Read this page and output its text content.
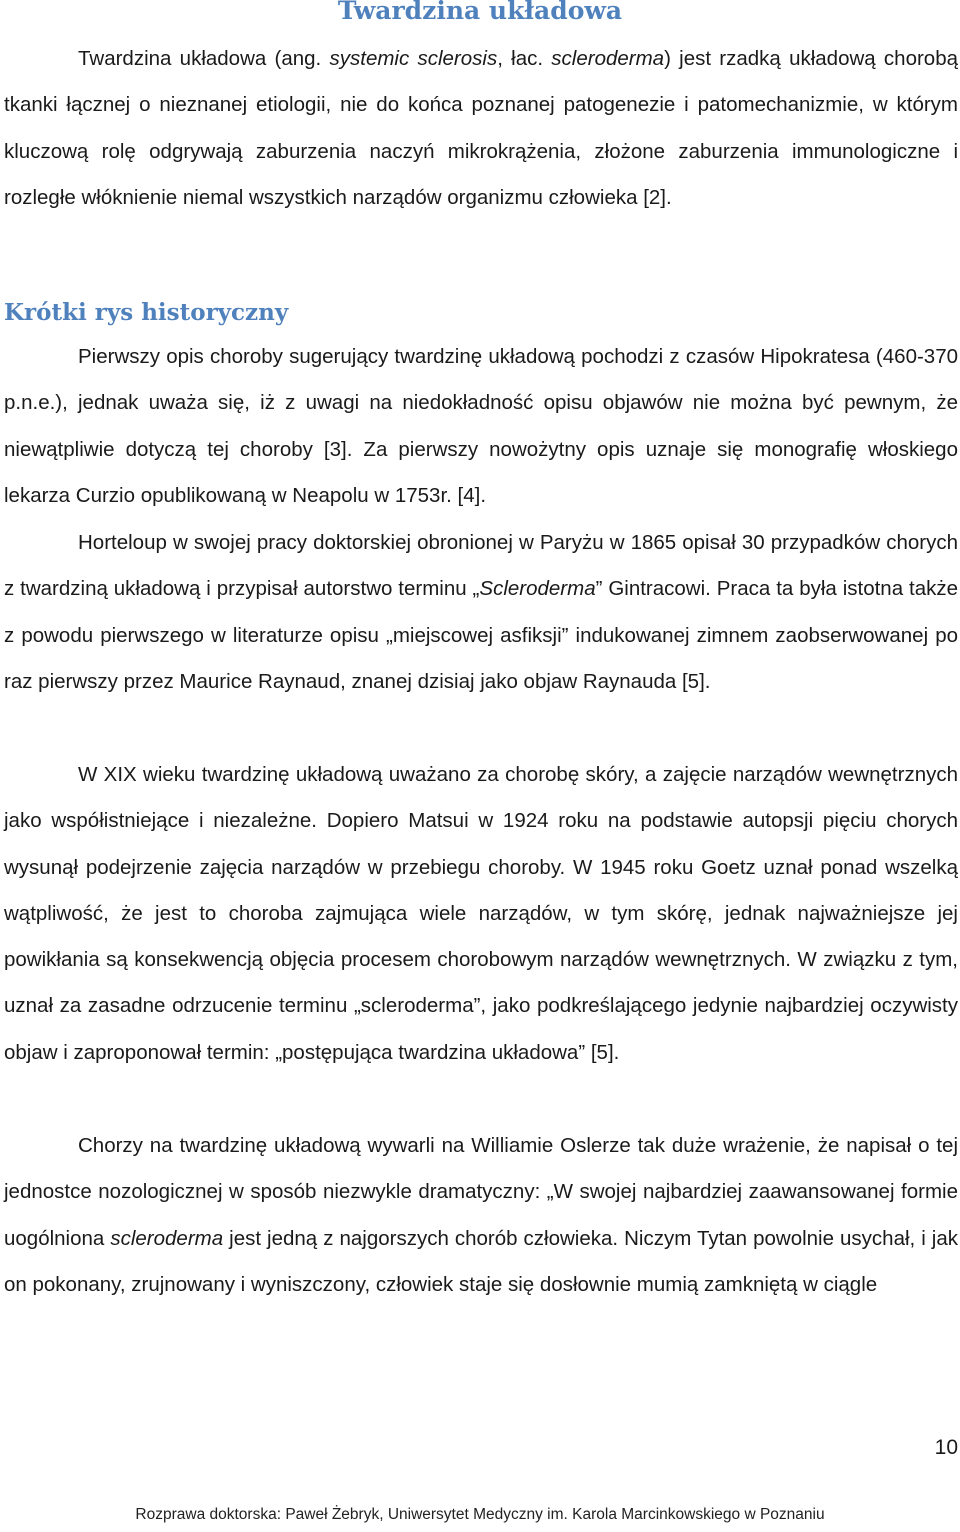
Twardzina układowa

Twardzina układowa (ang. systemic sclerosis, łac. scleroderma) jest rzadką układową chorobą tkanki łącznej o nieznanej etiologii, nie do końca poznanej patogenezie i patomechanizmie, w którym kluczową rolę odgrywają zaburzenia naczyń mikrokrążenia, złożone zaburzenia immunologiczne i rozległe włóknienie niemal wszystkich narządów organizmu człowieka [2].

Krótki rys historyczny

Pierwszy opis choroby sugerujący twardzinę układową pochodzi z czasów Hipokratesa (460-370 p.n.e.), jednak uważa się, iż z uwagi na niedokładność opisu objawów nie można być pewnym, że niewątpliwie dotyczą tej choroby [3]. Za pierwszy nowożytny opis uznaje się monografię włoskiego lekarza Curzio opublikowaną w Neapolu w 1753r. [4].

Horteloup w swojej pracy doktorskiej obronionej w Paryżu w 1865 opisał 30 przypadków chorych z twardziną układową i przypisał autorstwo terminu „Scleroderma” Gintracowi. Praca ta była istotna także z powodu pierwszego w literaturze opisu „miejscowej asfiksji” indukowanej zimnem zaobserwowanej po raz pierwszy przez Maurice Raynaud, znanej dzisiaj jako objaw Raynauda [5].

W XIX wieku twardzinę układową uważano za chorobę skóry, a zajęcie narządów wewnętrznych jako współistniejące i niezależne. Dopiero Matsui w 1924 roku na podstawie autopsji pięciu chorych wysunął podejrzenie zajęcia narządów w przebiegu choroby. W 1945 roku Goetz uznał ponad wszelką wątpliwość, że jest to choroba zajmująca wiele narządów, w tym skórę, jednak najważniejsze jej powikłania są konsekwencją objęcia procesem chorobowym narządów wewnętrznych. W związku z tym, uznał za zasadne odrzucenie terminu „scleroderma”, jako podkreślającego jedynie najbardziej oczywisty objaw i zaproponował termin: „postępująca twardzina układowa” [5].

Chorzy na twardzinę układową wywarli na Williamie Oslerze tak duże wrażenie, że napisał o tej jednostce nozologicznej w sposób niezwykle dramatyczny: „W swojej najbardziej zaawansowanej formie uogólniona scleroderma jest jedną z najgorszych chorób człowieka. Niczym Tytan powolnie usychał, i jak on pokonany, zrujnowany i wyniszczony, człowiek staje się dosłownie mumią zamkniętą w ciągle

10

Rozprawa doktorska: Paweł Żebryk, Uniwersytet Medyczny im. Karola Marcinkowskiego w Poznaniu
